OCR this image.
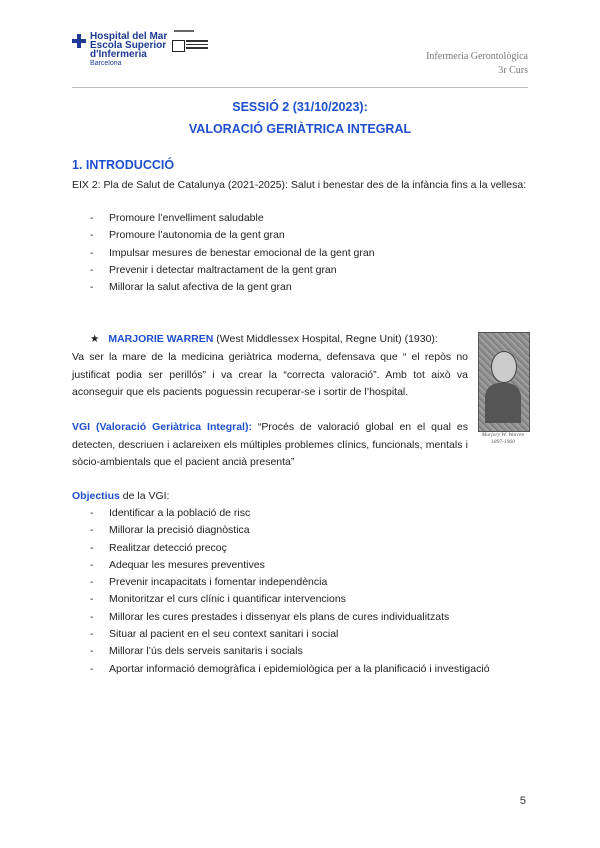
Hospital del Mar
Escola Superior
d'Infermeria
Barcelona
Infermeria Gerontològica
3r Curs
SESSIÓ 2 (31/10/2023):
VALORACIÓ GERIÀTRICA INTEGRAL
1. INTRODUCCIÓ
EIX 2: Pla de Salut de Catalunya (2021-2025): Salut i benestar des de la infància fins a la vellesa:
-	Promoure l’envelliment saludable
-	Promoure l’autonomia de la gent gran
-	Impulsar mesures de benestar emocional de la gent gran
-	Prevenir i detectar maltractament de la gent gran
-	Millorar la salut afectiva de la gent gran
★ MARJORIE WARREN (West Middlessex Hospital, Regne Unit) (1930):
Va ser la mare de la medicina geriàtrica moderna, defensava que “ el repòs no justificat podia ser perillós” i va crear la “correcta valoració”. Amb tot això va aconseguir que els pacients poguessin recuperar-se i sortir de l’hospital.
Marjory W. Warren 1897-1960
VGI (Valoració Geriàtrica Integral): “Procés de valoració global en el qual es detecten, descriuen i aclareixen els múltiples problemes clínics, funcionals, mentals i sòcio-ambientals que el pacient ancià presenta”
Objectius de la VGI:
-	Identificar a la població de risc
-	Millorar la precisió diagnòstica
-	Realitzar detecció precoç
-	Adequar les mesures preventives
-	Prevenir incapacitats i fomentar independència
-	Monitoritzar el curs clínic i quantificar intervencions
-	Millorar les cures prestades i dissenyar els plans de cures individualitzats
-	Situar al pacient en el seu context sanitari i social
-	Millorar l’ús dels serveis sanitaris i socials
-	Aportar informació demogràfica i epidemiològica per a la planificació i investigació
5
